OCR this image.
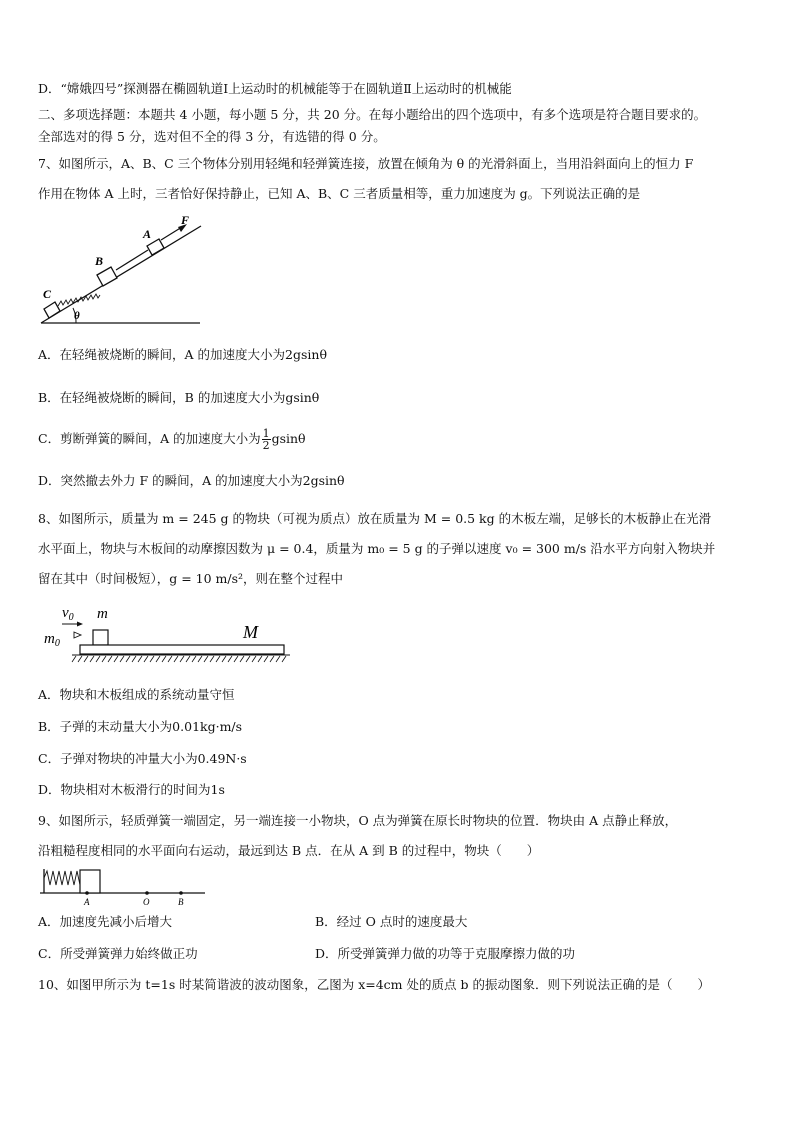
D．“嫦娥四号”探测器在椭圆轨道Ⅰ上运动时的机械能等于在圆轨道Ⅱ上运动时的机械能
二、多项选择题：本题共 4 小题，每小题 5 分，共 20 分。在每小题给出的四个选项中，有多个选项是符合题目要求的。
全部选对的得 5 分，选对但不全的得 3 分，有选错的得 0 分。
7、如图所示，A、B、C 三个物体分别用轻绳和轻弹簧连接，放置在倾角为 θ 的光滑斜面上，当用沿斜面向上的恒力 F
作用在物体 A 上时，三者恰好保持静止，已知 A、B、C 三者质量相等，重力加速度为 g。下列说法正确的是
C
B
A
F
θ
A．在轻绳被烧断的瞬间，A 的加速度大小为2gsinθ
B．在轻绳被烧断的瞬间，B 的加速度大小为gsinθ
C．剪断弹簧的瞬间，A 的加速度大小为 $\frac{1}{2}$ gsinθ
D．突然撤去外力 F 的瞬间，A 的加速度大小为2gsinθ
8、如图所示，质量为 m = 245 g 的物块（可视为质点）放在质量为 M = 0.5 kg 的木板左端，足够长的木板静止在光滑
水平面上，物块与木板间的动摩擦因数为 μ = 0.4，质量为 m₀ = 5 g 的子弹以速度 v₀ = 300 m/s 沿水平方向射入物块并
留在其中（时间极短），g = 10 m/s²，则在整个过程中
$v_0$
$m_0$
m
M
A．物块和木板组成的系统动量守恒
B．子弹的末动量大小为0.01kg·m/s
C．子弹对物块的冲量大小为0.49N·s
D．物块相对木板滑行的时间为1s
9、如图所示，轻质弹簧一端固定，另一端连接一小物块，O 点为弹簧在原长时物块的位置．物块由 A 点静止释放，
沿粗糙程度相同的水平面向右运动，最远到达 B 点．在从 A 到 B 的过程中，物块（　　）
A	O	B
A．加速度先减小后增大	B．经过 O 点时的速度最大
C．所受弹簧弹力始终做正功	D．所受弹簧弹力做的功等于克服摩擦力做的功
10、如图甲所示为 t=1s 时某简谐波的波动图象，乙图为 x=4cm 处的质点 b 的振动图象．则下列说法正确的是（　　）
